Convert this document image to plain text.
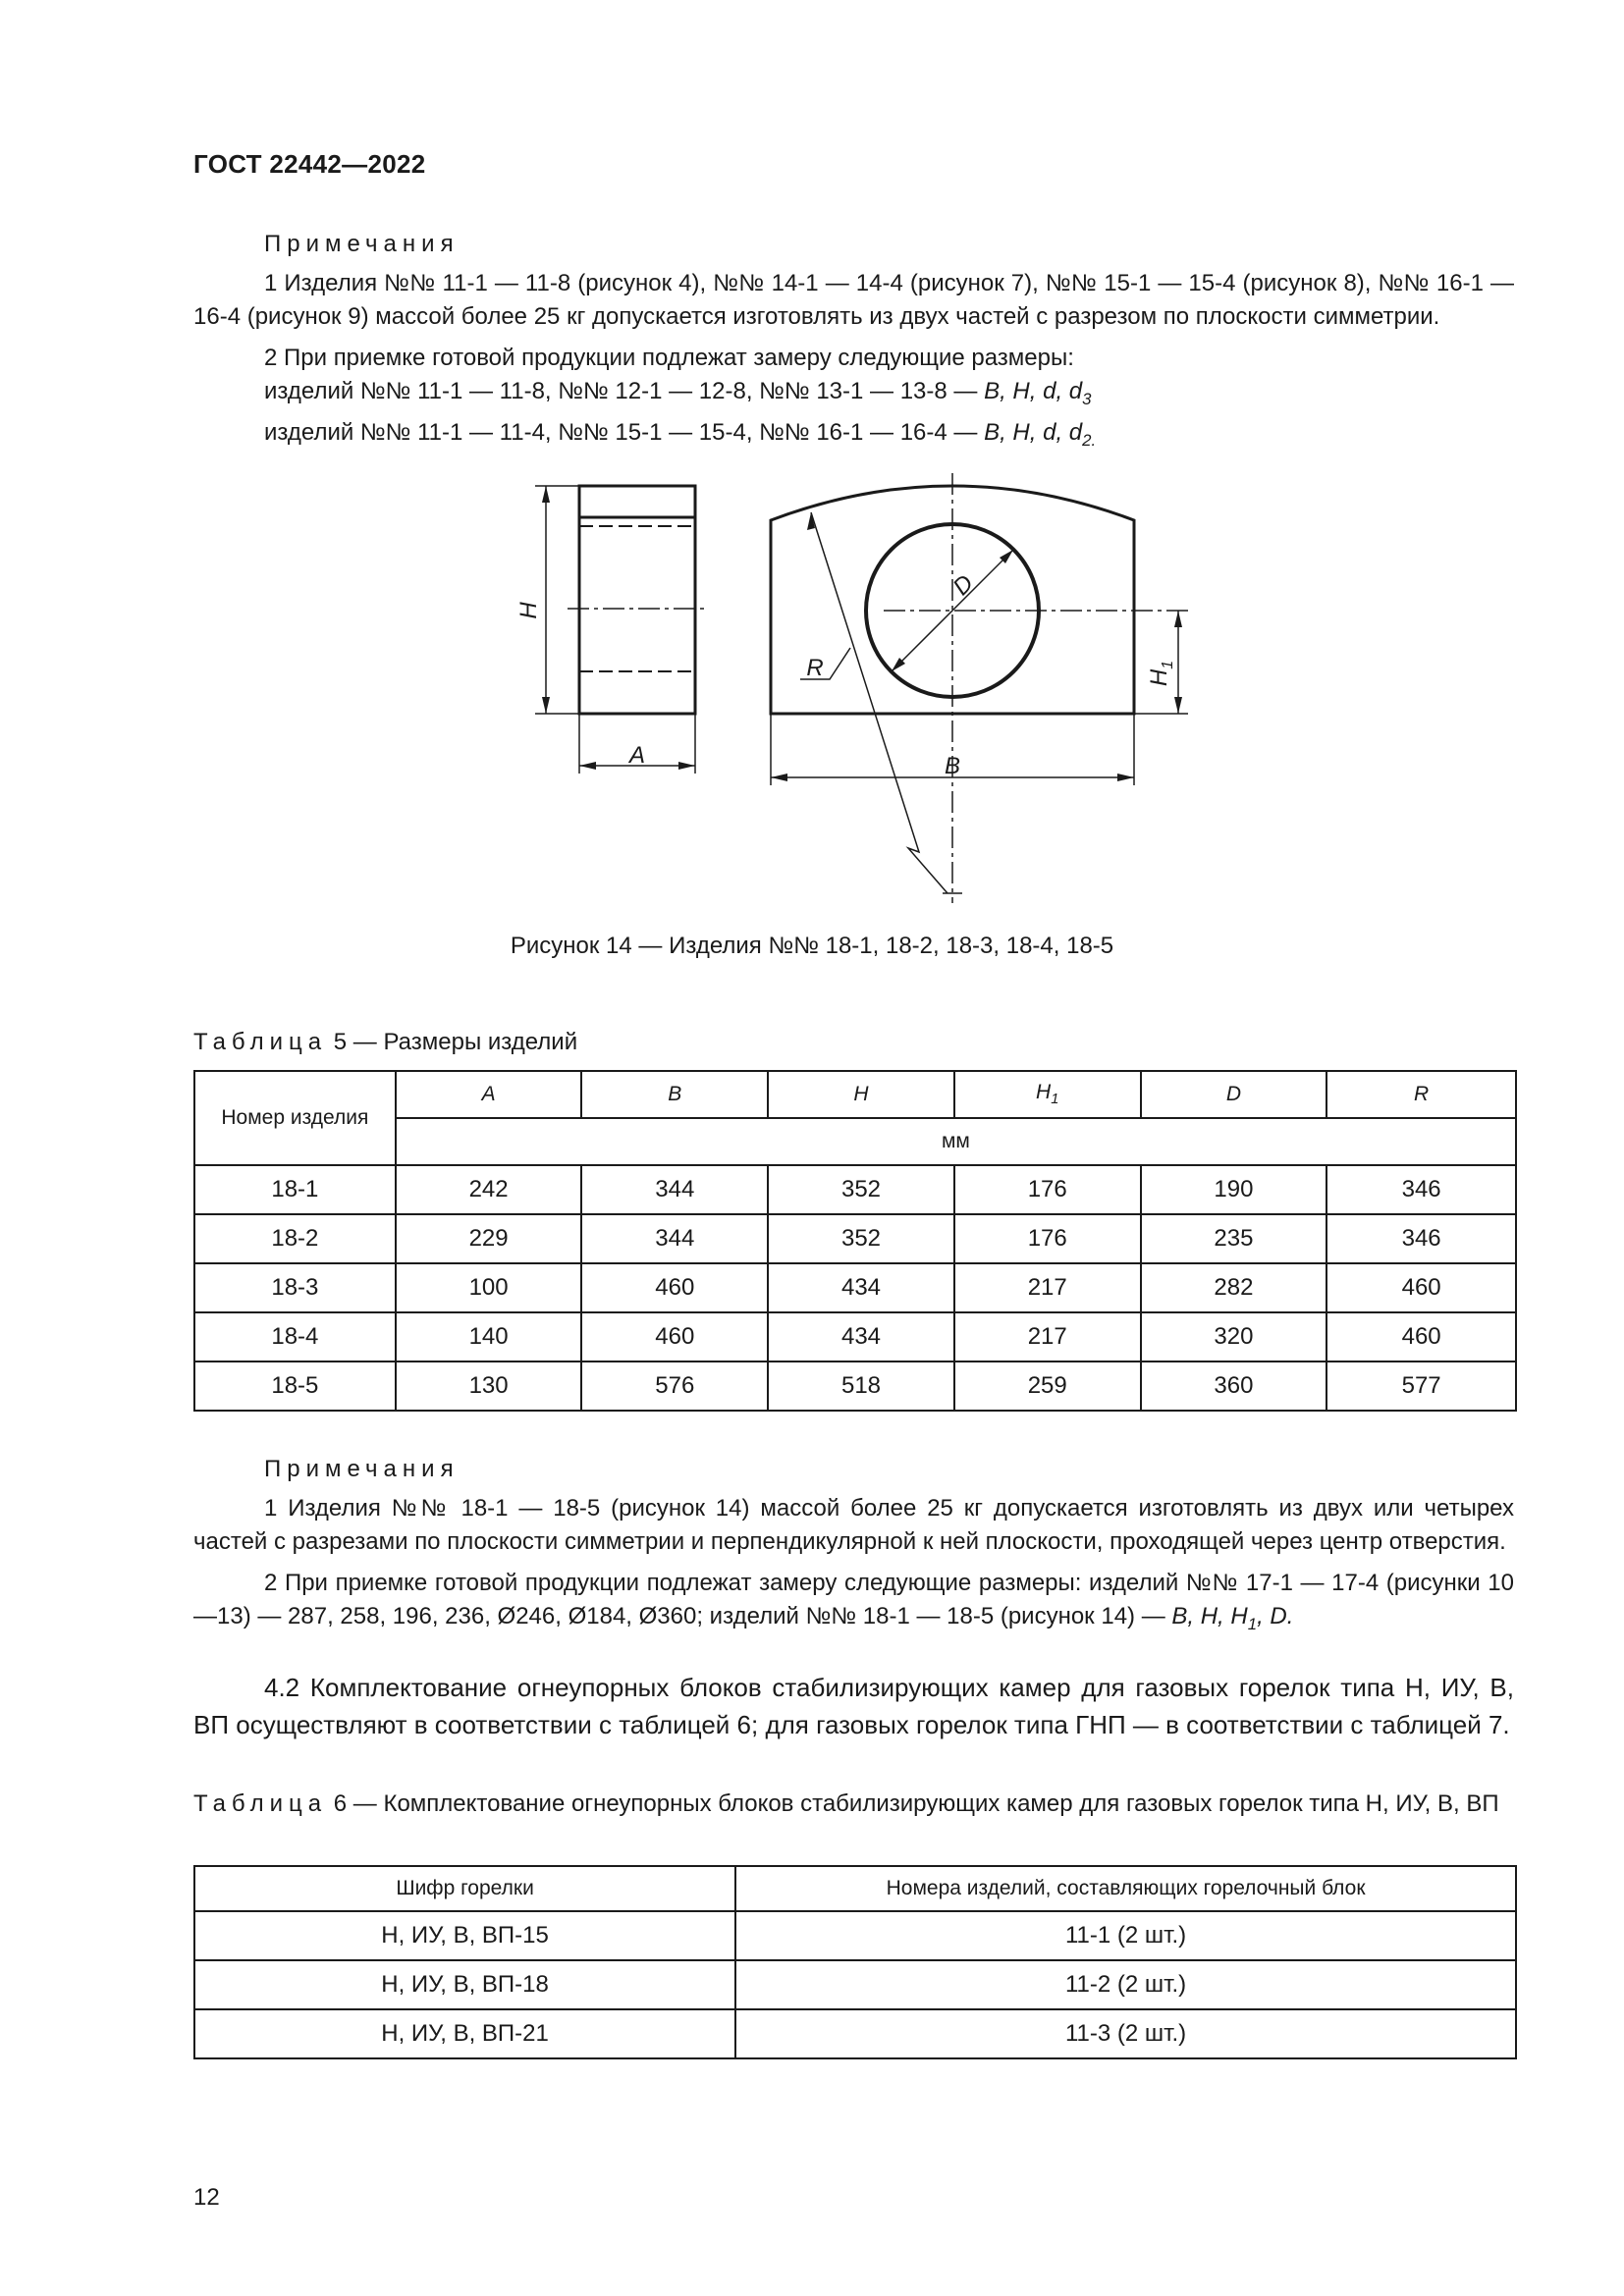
ГОСТ 22442—2022

Примечания

1 Изделия №№ 11-1 — 11-8 (рисунок 4), №№ 14-1 — 14-4 (рисунок 7), №№ 15-1 — 15-4 (рисунок 8), №№ 16-1 — 16-4 (рисунок 9) массой более 25 кг допускается изготовлять из двух частей с разрезом по плоскости симметрии.

2 При приемке готовой продукции подлежат замеру следующие размеры:

изделий №№ 11-1 — 11-8, №№ 12-1 — 12-8, №№ 13-1 — 13-8 — B, H, d, $d_3$

изделий №№ 11-1 — 11-4, №№ 15-1 — 15-4, №№ 16-1 — 16-4 — B, H, d, $d_{2.}$

H
A
D
R
B
$H_1$
Рисунок 14 — Изделия №№ 18-1, 18-2, 18-3, 18-4, 18-5
Таблица 5 — Размеры изделий
Номер изделия	A	B	H	$H_1$	D	R
	мм					
18-1	242	344	352	176	190	346
18-2	229	344	352	176	235	346
18-3	100	460	434	217	282	460
18-4	140	460	434	217	320	460
18-5	130	576	518	259	360	577

Примечания

1 Изделия №№ 18-1 — 18-5 (рисунок 14) массой более 25 кг допускается изготовлять из двух или четырех частей с разрезами по плоскости симметрии и перпендикулярной к ней плоскости, проходящей через центр отверстия.

2 При приемке готовой продукции подлежат замеру следующие размеры: изделий №№ 17-1 — 17-4 (рисунки 10—13) — 287, 258, 196, 236, Ø246, Ø184, Ø360; изделий №№ 18-1 — 18-5 (рисунок 14) — B, H, $H_1$, D.

4.2 Комплектование огнеупорных блоков стабилизирующих камер для газовых горелок типа Н, ИУ, В, ВП осуществляют в соответствии с таблицей 6; для газовых горелок типа ГНП — в соответствии с таблицей 7.

Таблица 6 — Комплектование огнеупорных блоков стабилизирующих камер для газовых горелок типа Н, ИУ, В, ВП
Шифр горелки	Номера изделий, составляющих горелочный блок
Н, ИУ, В, ВП-15	11-1 (2 шт.)
Н, ИУ, В, ВП-18	11-2 (2 шт.)
Н, ИУ, В, ВП-21	11-3 (2 шт.)
12
